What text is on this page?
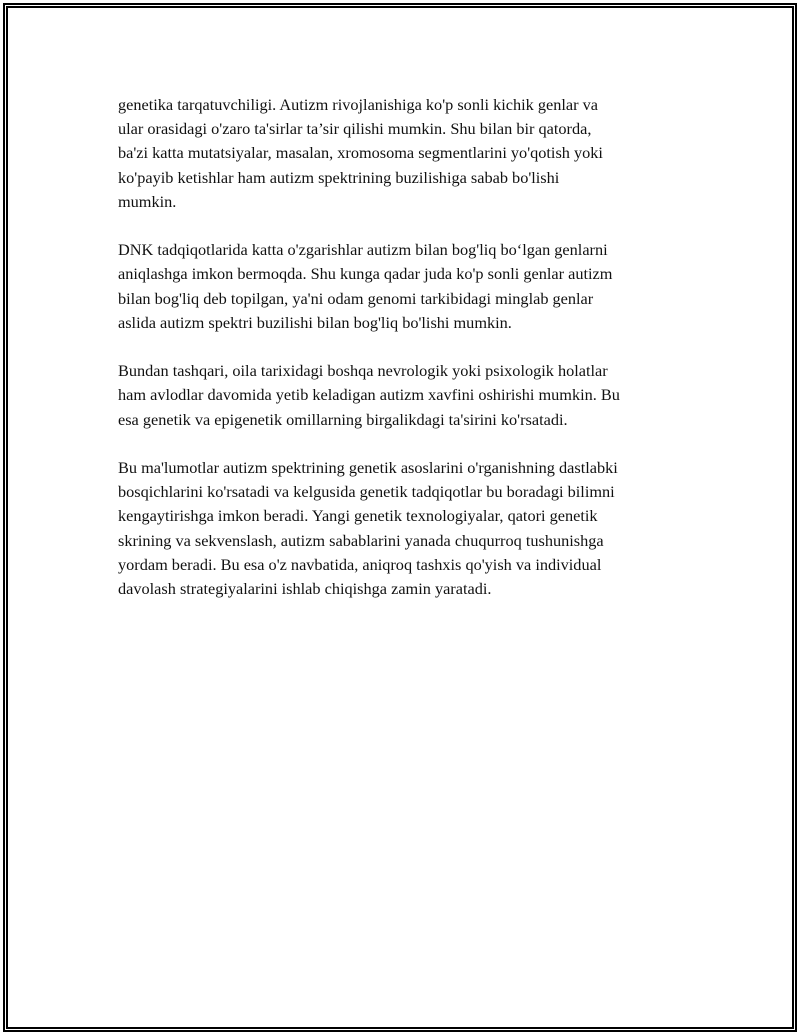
genetika tarqatuvchiligi. Autizm rivojlanishiga ko'p sonli kichik genlar va
ular orasidagi o'zaro ta'sirlar ta’sir qilishi mumkin. Shu bilan bir qatorda,
ba'zi katta mutatsiyalar, masalan, xromosoma segmentlarini yo'qotish yoki
ko'payib ketishlar ham autizm spektrining buzilishiga sabab bo'lishi
mumkin.

DNK tadqiqotlarida katta o'zgarishlar autizm bilan bog'liq bo‘lgan genlarni
aniqlashga imkon bermoqda. Shu kunga qadar juda ko'p sonli genlar autizm
bilan bog'liq deb topilgan, ya'ni odam genomi tarkibidagi minglab genlar
aslida autizm spektri buzilishi bilan bog'liq bo'lishi mumkin.

Bundan tashqari, oila tarixidagi boshqa nevrologik yoki psixologik holatlar
ham avlodlar davomida yetib keladigan autizm xavfini oshirishi mumkin. Bu
esa genetik va epigenetik omillarning birgalikdagi ta'sirini ko'rsatadi.

Bu ma'lumotlar autizm spektrining genetik asoslarini o'rganishning dastlabki
bosqichlarini ko'rsatadi va kelgusida genetik tadqiqotlar bu boradagi bilimni
kengaytirishga imkon beradi. Yangi genetik texnologiyalar, qatori genetik
skrining va sekvenslash, autizm sabablarini yanada chuqurroq tushunishga
yordam beradi. Bu esa o'z navbatida, aniqroq tashxis qo'yish va individual
davolash strategiyalarini ishlab chiqishga zamin yaratadi.
